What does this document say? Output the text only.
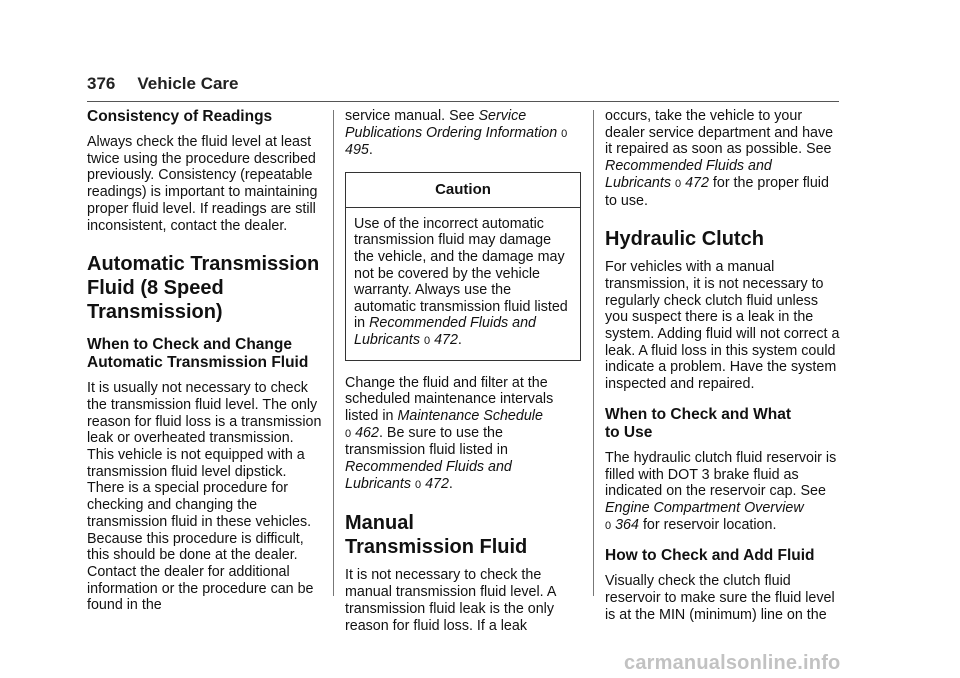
376 Vehicle Care
Consistency of Readings

Always check the fluid level at least twice using the procedure described previously. Consistency (repeatable readings) is important to maintaining proper fluid level. If readings are still inconsistent, contact the dealer.

Automatic Transmission Fluid (8 Speed Transmission)
When to Check and Change Automatic Transmission Fluid

It is usually not necessary to check the transmission fluid level. The only reason for fluid loss is a transmission leak or overheated transmission. This vehicle is not equipped with a transmission fluid level dipstick. There is a special procedure for checking and changing the transmission fluid in these vehicles. Because this procedure is difficult, this should be done at the dealer. Contact the dealer for additional information or the procedure can be found in the

service manual. See Service Publications Ordering Information 0 495.

Caution
Use of the incorrect automatic transmission fluid may damage the vehicle, and the damage may not be covered by the vehicle warranty. Always use the automatic transmission fluid listed in Recommended Fluids and Lubricants 0 472.

Change the fluid and filter at the scheduled maintenance intervals listed in Maintenance Schedule
0 462. Be sure to use the transmission fluid listed in Recommended Fluids and Lubricants 0 472.

Manual Transmission Fluid

It is not necessary to check the manual transmission fluid level. A transmission fluid leak is the only reason for fluid loss. If a leak

occurs, take the vehicle to your dealer service department and have it repaired as soon as possible. See Recommended Fluids and Lubricants 0 472 for the proper fluid to use.

Hydraulic Clutch

For vehicles with a manual transmission, it is not necessary to regularly check clutch fluid unless you suspect there is a leak in the system. Adding fluid will not correct a leak. A fluid loss in this system could indicate a problem. Have the system inspected and repaired.

When to Check and What to Use

The hydraulic clutch fluid reservoir is filled with DOT 3 brake fluid as indicated on the reservoir cap. See Engine Compartment Overview
0 364 for reservoir location.

How to Check and Add Fluid

Visually check the clutch fluid reservoir to make sure the fluid level is at the MIN (minimum) line on the

carmanualsonline.info
